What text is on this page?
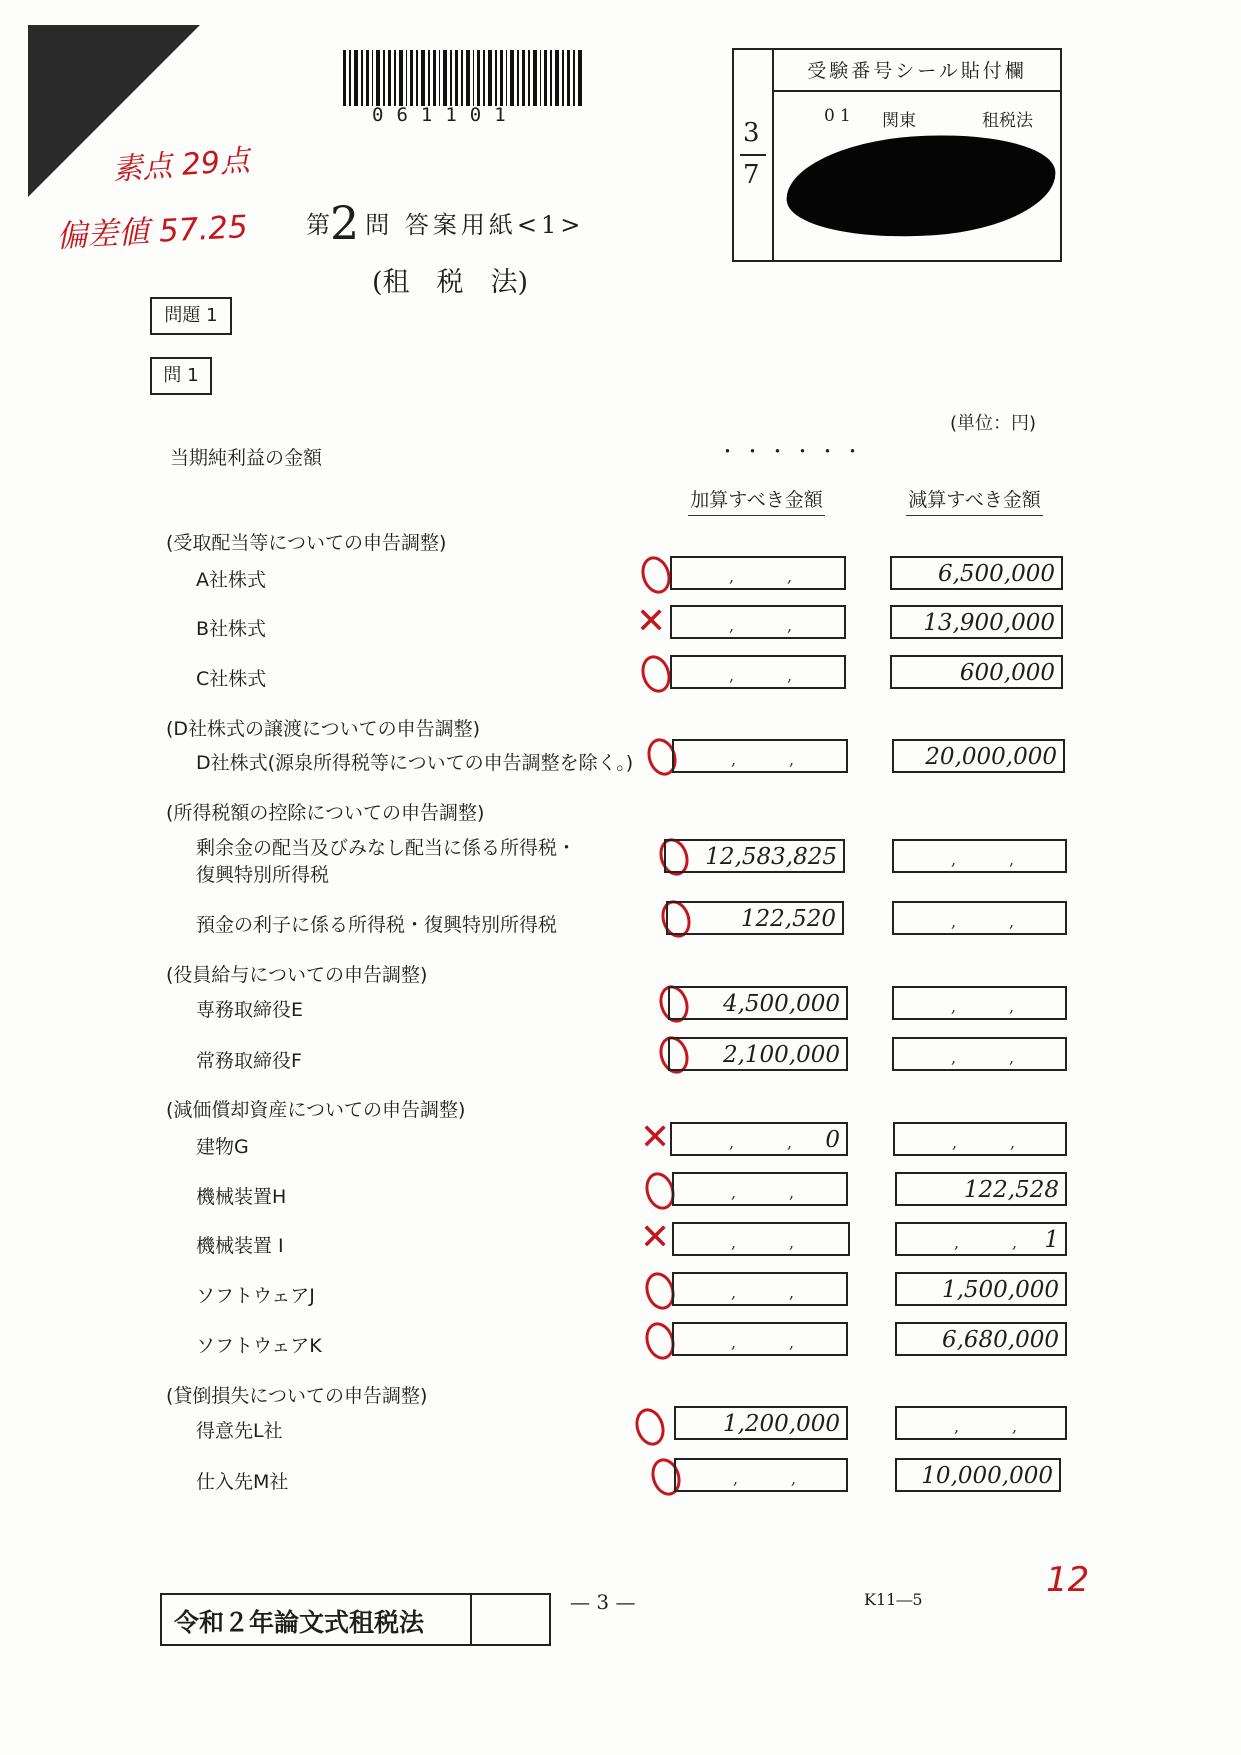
061101
3
7
受験番号シール貼付欄
01 関東	租税法
素点 29点
偏差値 57.25 第2 問 答案用紙<1>
(租　税　法)
問題 1
問 1
(単位：円)
当期純利益の金額	・・・・・・
加算すべき金額	減算すべき金額
(受取配当等についての申告調整)
(D社株式の譲渡についての申告調整)
(所得税額の控除についての申告調整)
(役員給与についての申告調整)
(減価償却資産についての申告調整)
(貸倒損失についての申告調整)
A社株式	,	,	6,500,000
B社株式	✕	,	,	13,900,000
C社株式	,	,	600,000
D社株式(源泉所得税等についての申告調整を除く。)	,	,	20,000,000
剰余金の配当及びみなし配当に係る所得税・
復興特別所得税
12,583,825	,	,
預金の利子に係る所得税・復興特別所得税	122,520	,	,
専務取締役E	4,500,000	,	,
常務取締役F	2,100,000	,	,
建物G	✕	,	, 0	,	,
機械装置H	,	,	122,528
機械装置 I	✕	,	,	,	, 1
ソフトウェアJ	,	,	1,500,000
ソフトウェアK	,	,	6,680,000
得意先L社	1,200,000	,	,
仕入先M社	,	,	10,000,000
令和２年論文式租税法
— 3 —	K11―5	12
